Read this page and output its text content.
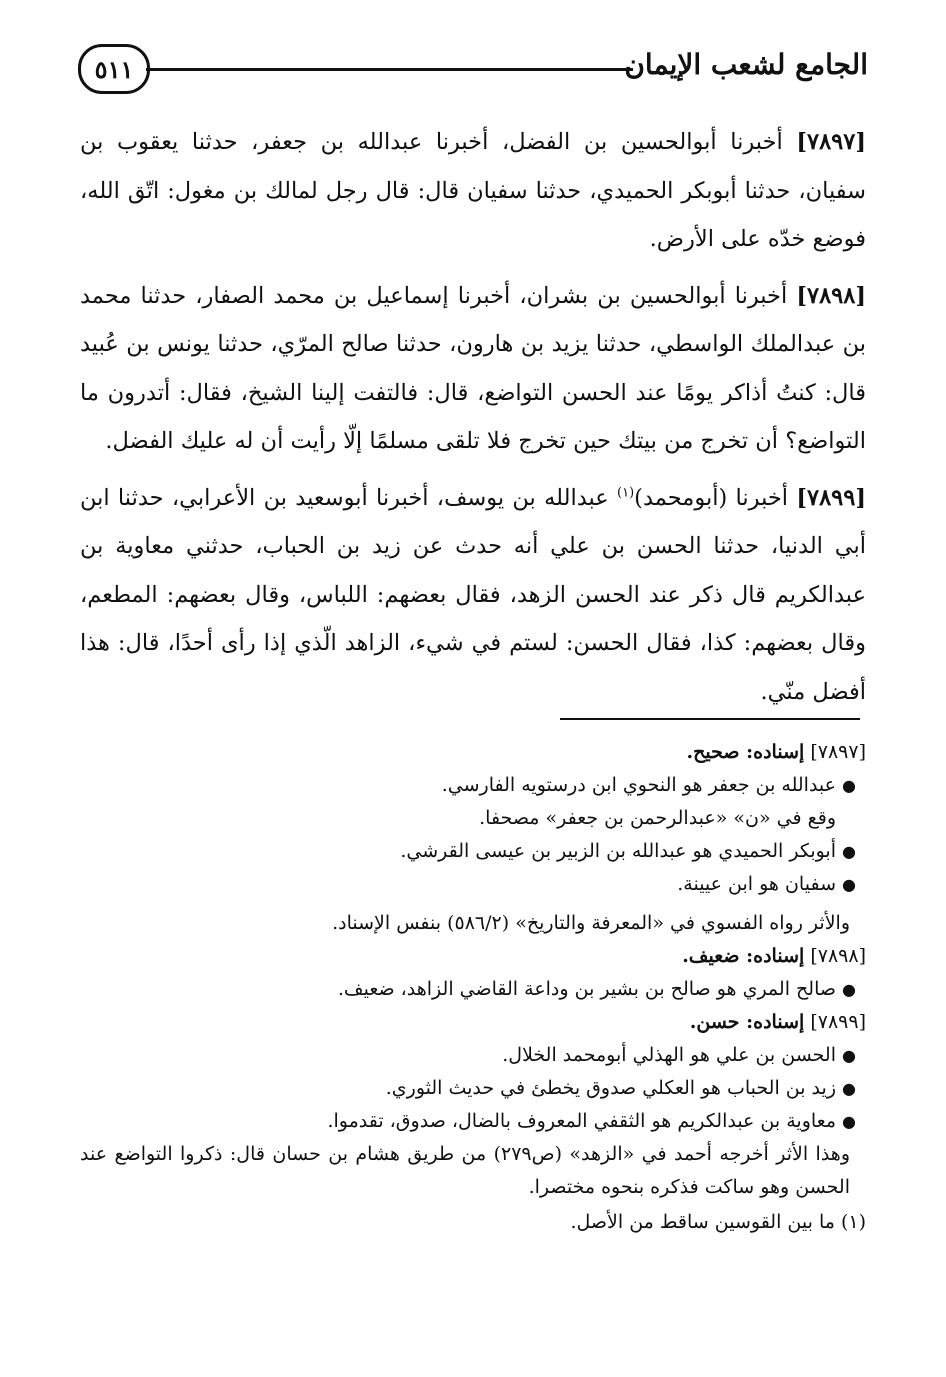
الجامع لشعب الإيمان
٥١١

[٧٨٩٧] أخبرنا أبوالحسين بن الفضل، أخبرنا عبدالله بن جعفر، حدثنا يعقوب بن سفيان، حدثنا أبوبكر الحميدي، حدثنا سفيان قال: قال رجل لمالك بن مغول: اتّق الله، فوضع خدّه على الأرض.

[٧٨٩٨] أخبرنا أبوالحسين بن بشران، أخبرنا إسماعيل بن محمد الصفار، حدثنا محمد بن عبدالملك الواسطي، حدثنا يزيد بن هارون، حدثنا صالح المرّي، حدثنا يونس بن عُبيد قال: كنتُ أذاكر يومًا عند الحسن التواضع، قال: فالتفت إلينا الشيخ، فقال: أتدرون ما التواضع؟ أن تخرج من بيتك حين تخرج فلا تلقى مسلمًا إلّا رأيت أن له عليك الفضل.

[٧٨٩٩] أخبرنا (أبومحمد)$^{(١)}$ عبدالله بن يوسف، أخبرنا أبوسعيد بن الأعرابي، حدثنا ابن أبي الدنيا، حدثنا الحسن بن علي أنه حدث عن زيد بن الحباب، حدثني معاوية بن عبدالكريم قال ذكر عند الحسن الزهد، فقال بعضهم: اللباس، وقال بعضهم: المطعم، وقال بعضهم: كذا، فقال الحسن: لستم في شيء، الزاهد الّذي إذا رأى أحدًا، قال: هذا أفضل منّي.

[٧٨٩٧] إسناده: صحيح.

●
عبدالله بن جعفر هو النحوي ابن درستويه الفارسي.
وقع في «ن» «عبدالرحمن بن جعفر» مصحفا.
●
أبوبكر الحميدي هو عبدالله بن الزبير بن عيسى القرشي.
●
سفيان هو ابن عيينة.

والأثر رواه الفسوي في «المعرفة والتاريخ» (٥٨٦/٢) بنفس الإسناد.

[٧٨٩٨] إسناده: ضعيف.

●
صالح المري هو صالح بن بشير بن وداعة القاضي الزاهد، ضعيف.

[٧٨٩٩] إسناده: حسن.

●
الحسن بن علي هو الهذلي أبومحمد الخلال.
●
زيد بن الحباب هو العكلي صدوق يخطئ في حديث الثوري.
●
معاوية بن عبدالكريم هو الثقفي المعروف بالضال، صدوق، تقدموا.

وهذا الأثر أخرجه أحمد في «الزهد» (ص٢٧٩) من طريق هشام بن حسان قال: ذكروا التواضع عند الحسن وهو ساكت فذكره بنحوه مختصرا.

(١) ما بين القوسين ساقط من الأصل.
